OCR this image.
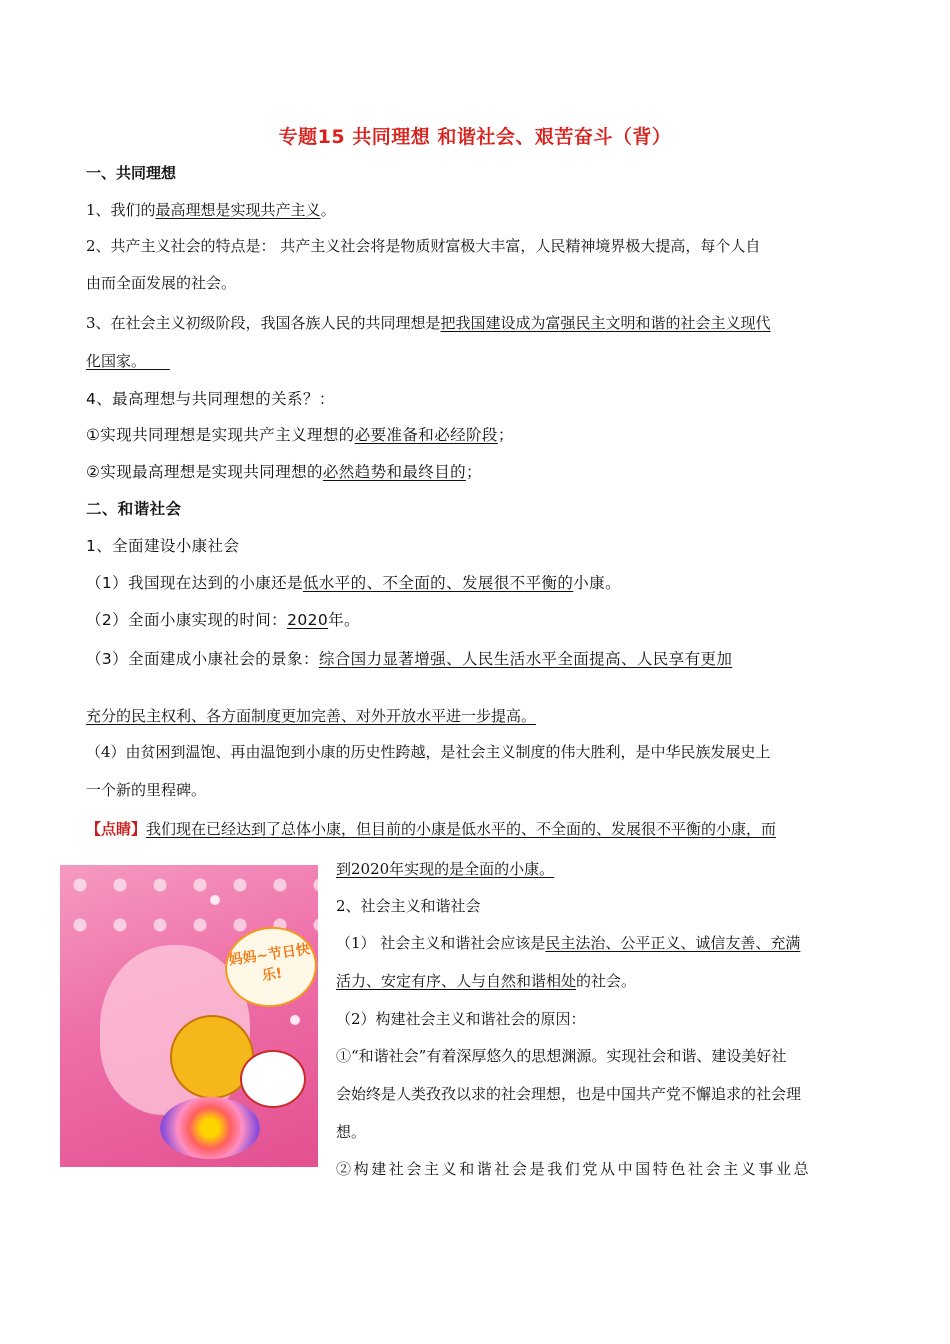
专题15 共同理想 和谐社会、艰苦奋斗（背）
一、共同理想
1、我们的最高理想是实现共产主义。
2、共产主义社会的特点是： 共产主义社会将是物质财富极大丰富，人民精神境界极大提高，每个人自
由而全面发展的社会。
3、在社会主义初级阶段，我国各族人民的共同理想是把我国建设成为富强民主文明和谐的社会主义现代
化国家。
4、最高理想与共同理想的关系？：
①实现共同理想是实现共产主义理想的必要准备和必经阶段；
②实现最高理想是实现共同理想的必然趋势和最终目的；
二、和谐社会
1、全面建设小康社会
（1）我国现在达到的小康还是低水平的、不全面的、发展很不平衡的小康。
（2）全面小康实现的时间：2020年。
（3）全面建成小康社会的景象：综合国力显著增强、人民生活水平全面提高、人民享有更加
充分的民主权利、各方面制度更加完善、对外开放水平进一步提高。
（4）由贫困到温饱、再由温饱到小康的历史性跨越，是社会主义制度的伟大胜利，是中华民族发展史上
一个新的里程碑。
【点睛】我们现在已经达到了总体小康，但目前的小康是低水平的、不全面的、发展很不平衡的小康，而
妈妈~节日快乐!
到2020年实现的是全面的小康。
2、社会主义和谐社会
（1） 社会主义和谐社会应该是民主法治、公平正义、诚信友善、充满
活力、安定有序、人与自然和谐相处的社会。
（2）构建社会主义和谐社会的原因：
①“和谐社会”有着深厚悠久的思想渊源。实现社会和谐、建设美好社
会始终是人类孜孜以求的社会理想，也是中国共产党不懈追求的社会理
想。
②构建社会主义和谐社会是我们党从中国特色社会主义事业总
